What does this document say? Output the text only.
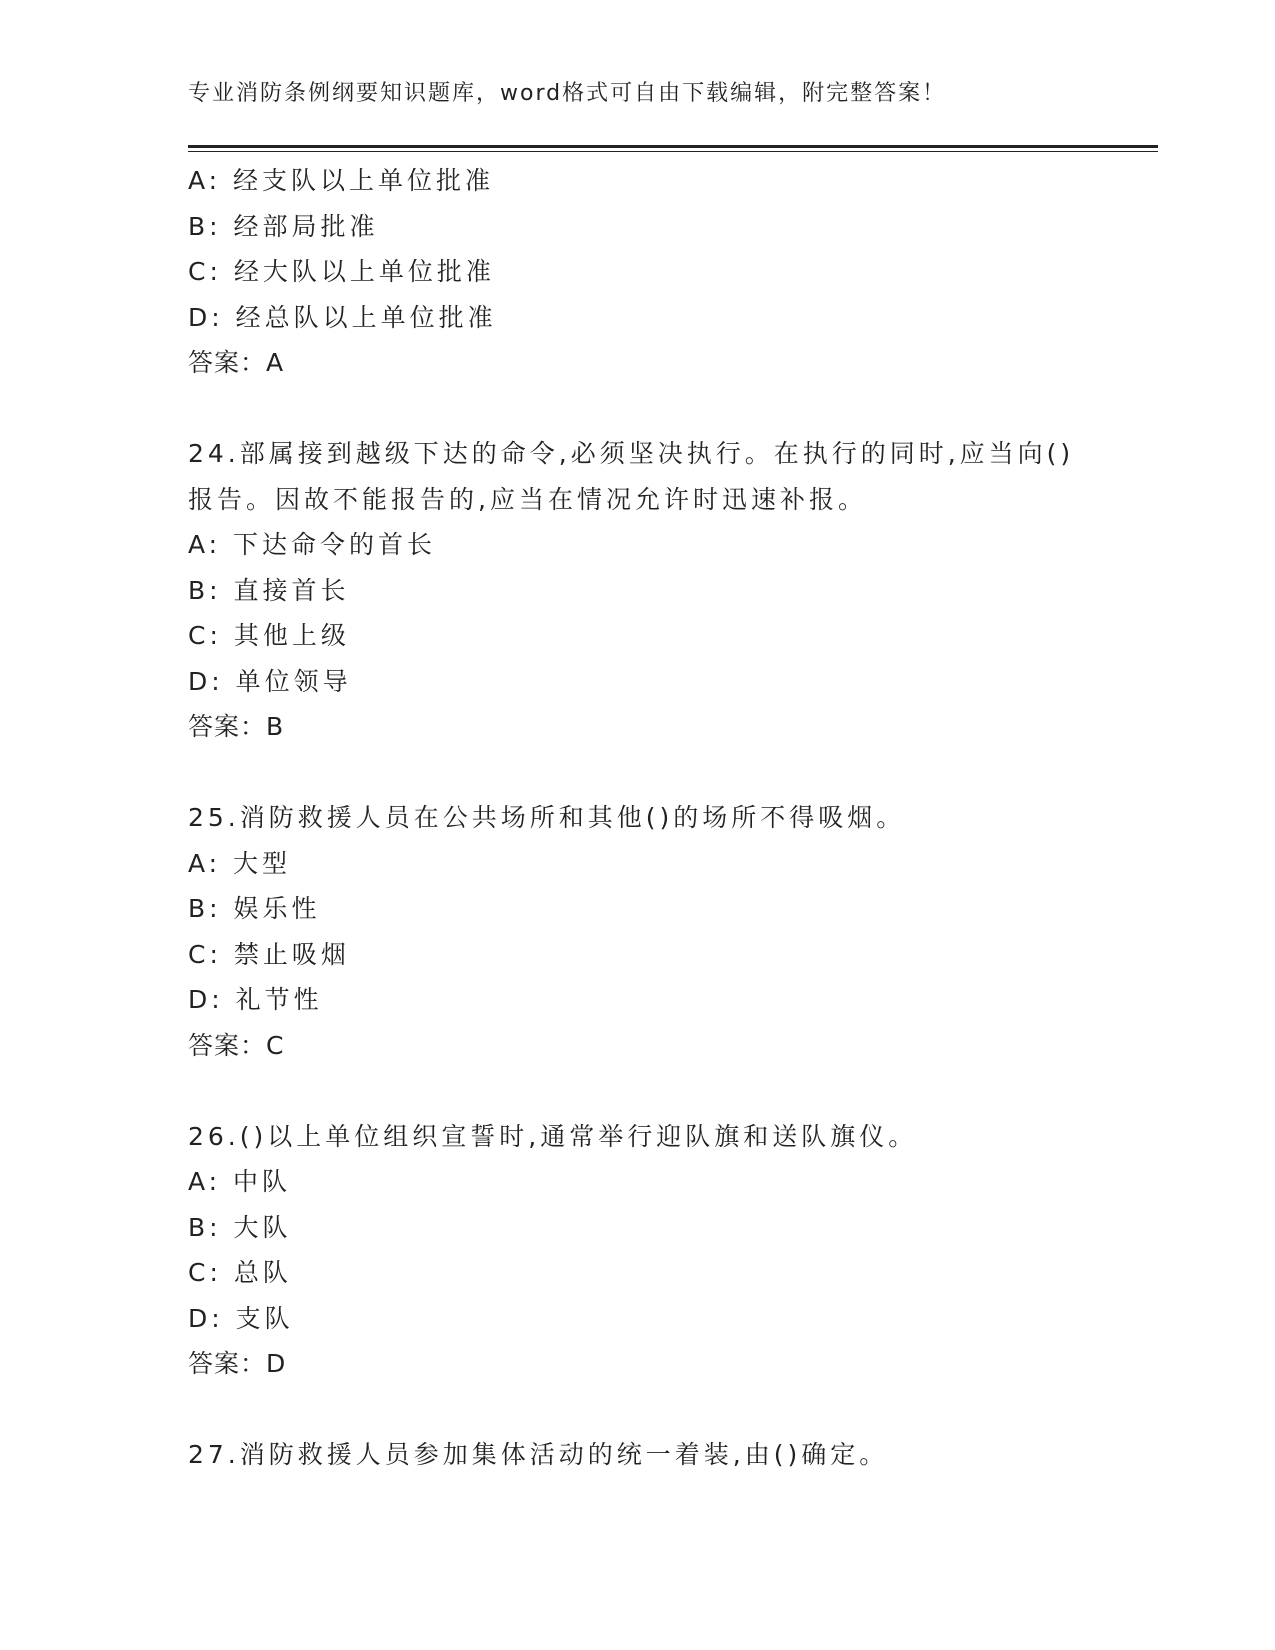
专业消防条例纲要知识题库，word格式可自由下载编辑，附完整答案！
A: 经支队以上单位批准
B: 经部局批准
C: 经大队以上单位批准
D: 经总队以上单位批准
答案：A
24.部属接到越级下达的命令,必须坚决执行。在执行的同时,应当向()
报告。因故不能报告的,应当在情况允许时迅速补报。
A: 下达命令的首长
B: 直接首长
C: 其他上级
D: 单位领导
答案：B
25.消防救援人员在公共场所和其他()的场所不得吸烟。
A: 大型
B: 娱乐性
C: 禁止吸烟
D: 礼节性
答案：C
26.()以上单位组织宣誓时,通常举行迎队旗和送队旗仪。
A: 中队
B: 大队
C: 总队
D: 支队
答案：D
27.消防救援人员参加集体活动的统一着装,由()确定。
